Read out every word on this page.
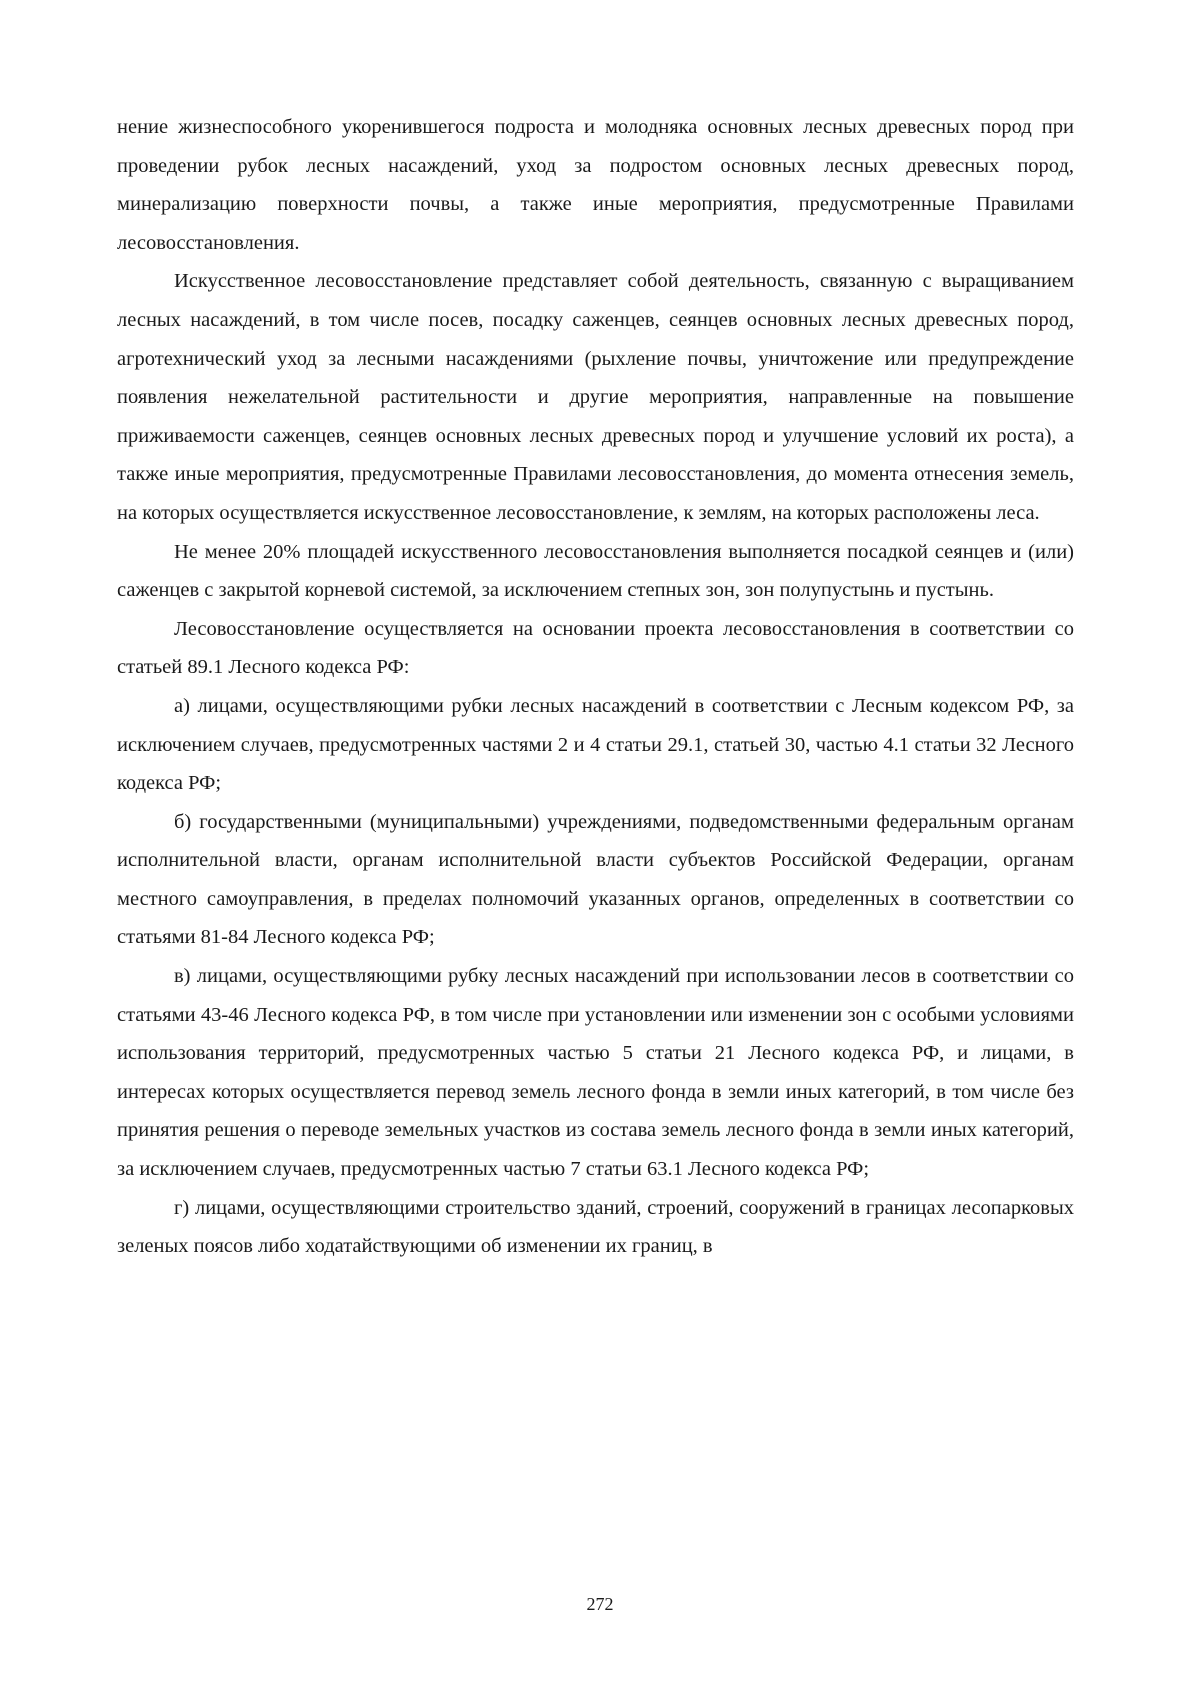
нение жизнеспособного укоренившегося подроста и молодняка основных лесных древесных пород при проведении рубок лесных насаждений, уход за подростом основных лесных древесных пород, минерализацию поверхности почвы, а также иные мероприятия, предусмотренные Правилами лесовосстановления.

Искусственное лесовосстановление представляет собой деятельность, связанную с выращиванием лесных насаждений, в том числе посев, посадку саженцев, сеянцев основных лесных древесных пород, агротехнический уход за лесными насаждениями (рыхление почвы, уничтожение или предупреждение появления нежелательной растительности и другие мероприятия, направленные на повышение приживаемости саженцев, сеянцев основных лесных древесных пород и улучшение условий их роста), а также иные мероприятия, предусмотренные Правилами лесовосстановления, до момента отнесения земель, на которых осуществляется искусственное лесовосстановление, к землям, на которых расположены леса.

Не менее 20% площадей искусственного лесовосстановления выполняется посадкой сеянцев и (или) саженцев с закрытой корневой системой, за исключением степных зон, зон полупустынь и пустынь.

Лесовосстановление осуществляется на основании проекта лесовосстановления в соответствии со статьей 89.1 Лесного кодекса РФ:

а) лицами, осуществляющими рубки лесных насаждений в соответствии с Лесным кодексом РФ, за исключением случаев, предусмотренных частями 2 и 4 статьи 29.1, статьей 30, частью 4.1 статьи 32 Лесного кодекса РФ;

б) государственными (муниципальными) учреждениями, подведомственными федеральным органам исполнительной власти, органам исполнительной власти субъектов Российской Федерации, органам местного самоуправления, в пределах полномочий указанных органов, определенных в соответствии со статьями 81-84 Лесного кодекса РФ;

в) лицами, осуществляющими рубку лесных насаждений при использовании лесов в соответствии со статьями 43-46 Лесного кодекса РФ, в том числе при установлении или изменении зон с особыми условиями использования территорий, предусмотренных частью 5 статьи 21 Лесного кодекса РФ, и лицами, в интересах которых осуществляется перевод земель лесного фонда в земли иных категорий, в том числе без принятия решения о переводе земельных участков из состава земель лесного фонда в земли иных категорий, за исключением случаев, предусмотренных частью 7 статьи 63.1 Лесного кодекса РФ;

г) лицами, осуществляющими строительство зданий, строений, сооружений в границах лесопарковых зеленых поясов либо ходатайствующими об изменении их границ, в

272
